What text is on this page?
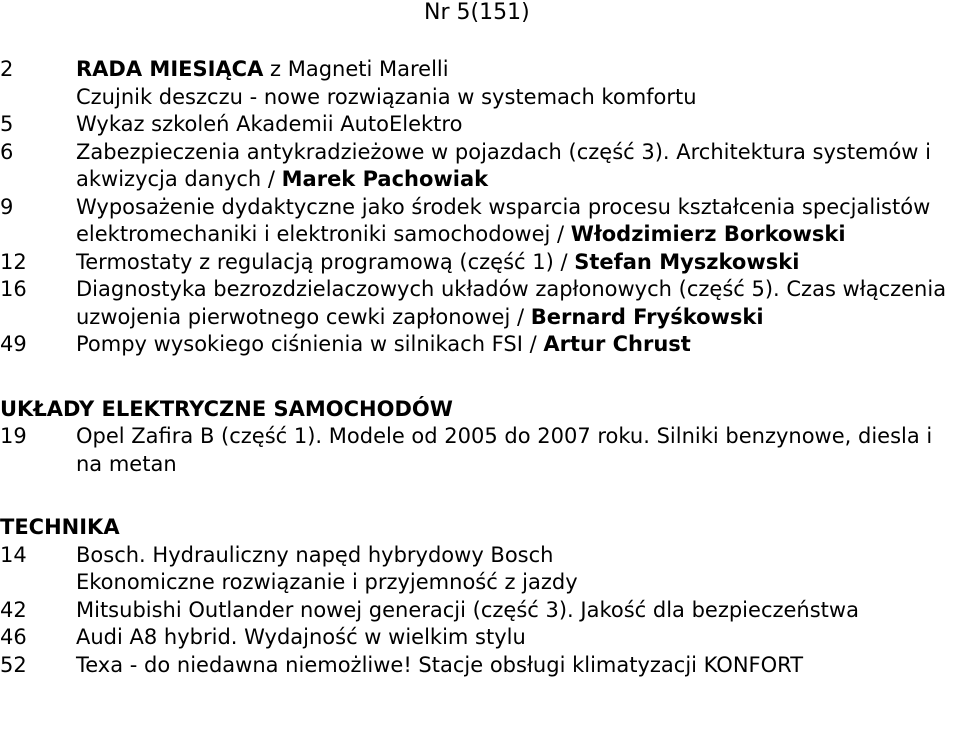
Nr 5(151)
2	RADA MIESIĄCA z Magneti Marelli
Czujnik deszczu - nowe rozwiązania w systemach komfortu
5	Wykaz szkoleń Akademii AutoElektro
6	Zabezpieczenia antykradzieżowe w pojazdach (część 3). Architektura systemów i akwizycja danych / Marek Pachowiak
9	Wyposażenie dydaktyczne jako środek wsparcia procesu kształcenia specjalistów elektromechaniki i elektroniki samochodowej / Włodzimierz Borkowski
12 Termostaty z regulacją programową (część 1) / Stefan Myszkowski
16 Diagnostyka bezrozdzielaczowych układów zapłonowych (część 5). Czas włączenia uzwojenia pierwotnego cewki zapłonowej / Bernard Fryśkowski
49 Pompy wysokiego ciśnienia w silnikach FSI / Artur Chrust
UKŁADY ELEKTRYCZNE SAMOCHODÓW
19 Opel Zafira B (część 1). Modele od 2005 do 2007 roku. Silniki benzynowe, diesla i na metan
TECHNIKA
14 Bosch. Hydrauliczny napęd hybrydowy Bosch
Ekonomiczne rozwiązanie i przyjemność z jazdy
42 Mitsubishi Outlander nowej generacji (część 3). Jakość dla bezpieczeństwa
46 Audi A8 hybrid. Wydajność w wielkim stylu
52 Texa - do niedawna niemożliwe! Stacje obsługi klimatyzacji KONFORT
